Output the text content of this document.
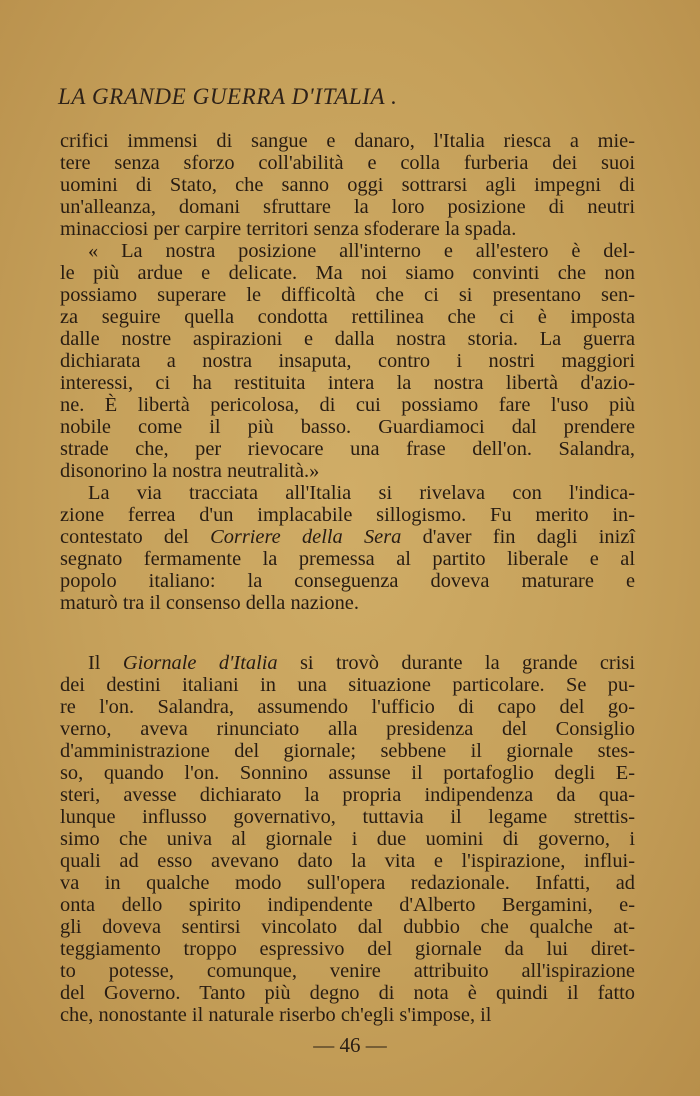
LA GRANDE GUERRA D'ITALIA .
crifici immensi di sangue e danaro, l'Italia riesca a mie-
tere senza sforzo coll'abilità e colla furberia dei suoi
uomini di Stato, che sanno oggi sottrarsi agli impegni di
un'alleanza, domani sfruttare la loro posizione di neutri
minacciosi per carpire territori senza sfoderare la spada.
« La nostra posizione all'interno e all'estero è del-
le più ardue e delicate. Ma noi siamo convinti che non
possiamo superare le difficoltà che ci si presentano sen-
za seguire quella condotta rettilinea che ci è imposta
dalle nostre aspirazioni e dalla nostra storia. La guerra
dichiarata a nostra insaputa, contro i nostri maggiori
interessi, ci ha restituita intera la nostra libertà d'azio-
ne. È libertà pericolosa, di cui possiamo fare l'uso più
nobile come il più basso. Guardiamoci dal prendere
strade che, per rievocare una frase dell'on. Salandra,
disonorino la nostra neutralità.»
La via tracciata all'Italia si rivelava con l'indica-
zione ferrea d'un implacabile sillogismo. Fu merito in-
contestato del Corriere della Sera d'aver fin dagli inizî
segnato fermamente la premessa al partito liberale e al
popolo italiano: la conseguenza doveva maturare e
maturò tra il consenso della nazione.
Il Giornale d'Italia si trovò durante la grande crisi
dei destini italiani in una situazione particolare. Se pu-
re l'on. Salandra, assumendo l'ufficio di capo del go-
verno, aveva rinunciato alla presidenza del Consiglio
d'amministrazione del giornale; sebbene il giornale stes-
so, quando l'on. Sonnino assunse il portafoglio degli E-
steri, avesse dichiarato la propria indipendenza da qua-
lunque influsso governativo, tuttavia il legame strettis-
simo che univa al giornale i due uomini di governo, i
quali ad esso avevano dato la vita e l'ispirazione, influi-
va in qualche modo sull'opera redazionale. Infatti, ad
onta dello spirito indipendente d'Alberto Bergamini, e-
gli doveva sentirsi vincolato dal dubbio che qualche at-
teggiamento troppo espressivo del giornale da lui diret-
to potesse, comunque, venire attribuito all'ispirazione
del Governo. Tanto più degno di nota è quindi il fatto
che, nonostante il naturale riserbo ch'egli s'impose, il
— 46 —
